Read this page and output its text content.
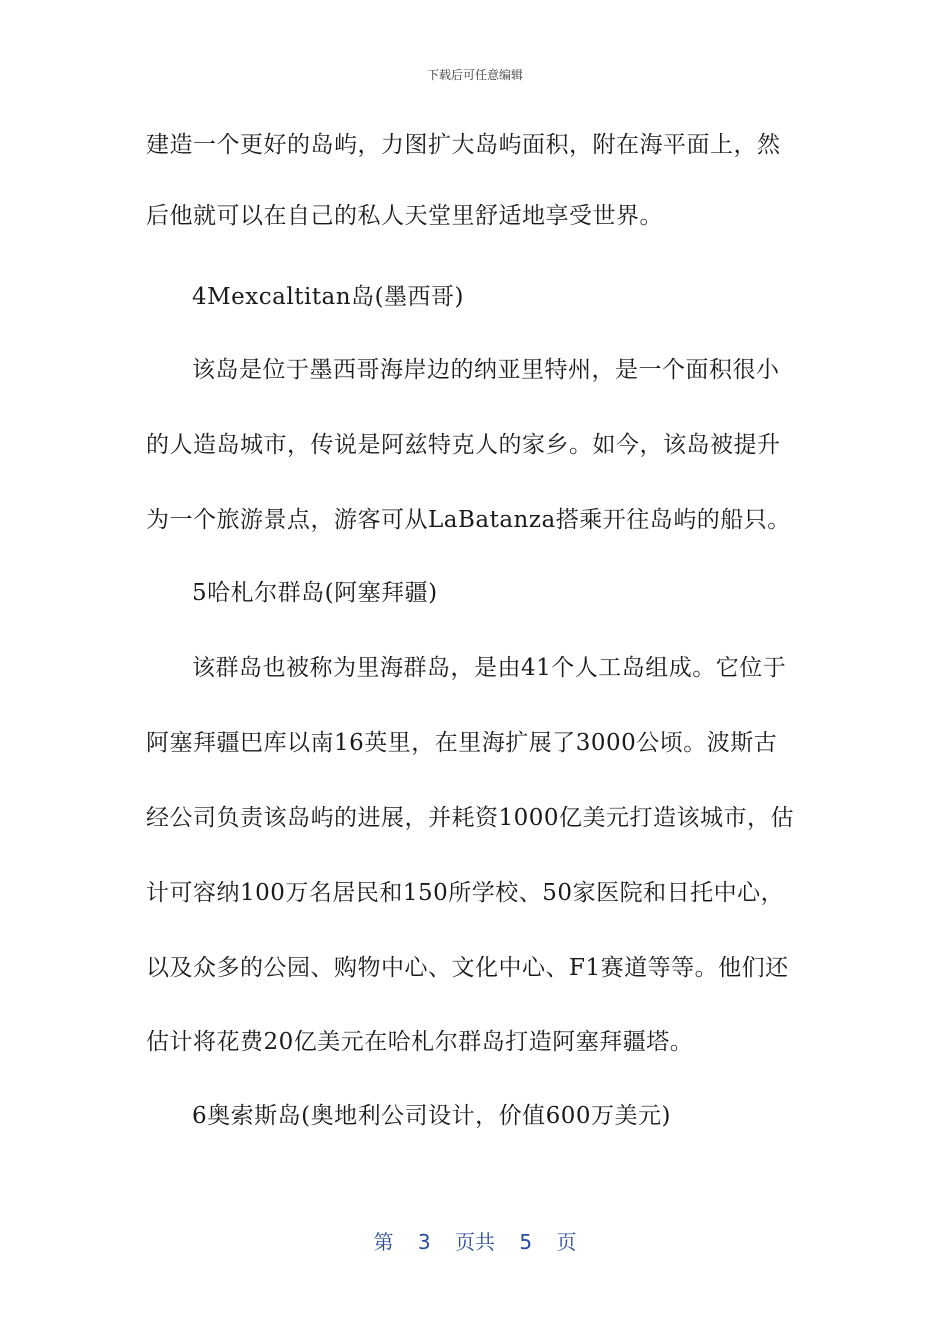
下载后可任意编辑
建造一个更好的岛屿，力图扩大岛屿面积，附在海平面上，然
后他就可以在自己的私人天堂里舒适地享受世界。
4Mexcaltitan岛(墨西哥)
该岛是位于墨西哥海岸边的纳亚里特州，是一个面积很小
的人造岛城市，传说是阿兹特克人的家乡。如今，该岛被提升
为一个旅游景点，游客可从LaBatanza搭乘开往岛屿的船只。
5哈札尔群岛(阿塞拜疆)
该群岛也被称为里海群岛，是由41个人工岛组成。它位于
阿塞拜疆巴库以南16英里，在里海扩展了3000公顷。波斯古
经公司负责该岛屿的进展，并耗资1000亿美元打造该城市，估
计可容纳100万名居民和150所学校、50家医院和日托中心，
以及众多的公园、购物中心、文化中心、F1赛道等等。他们还
估计将花费20亿美元在哈札尔群岛打造阿塞拜疆塔。
6奥索斯岛(奥地利公司设计，价值600万美元)
第 3 页共 5 页
